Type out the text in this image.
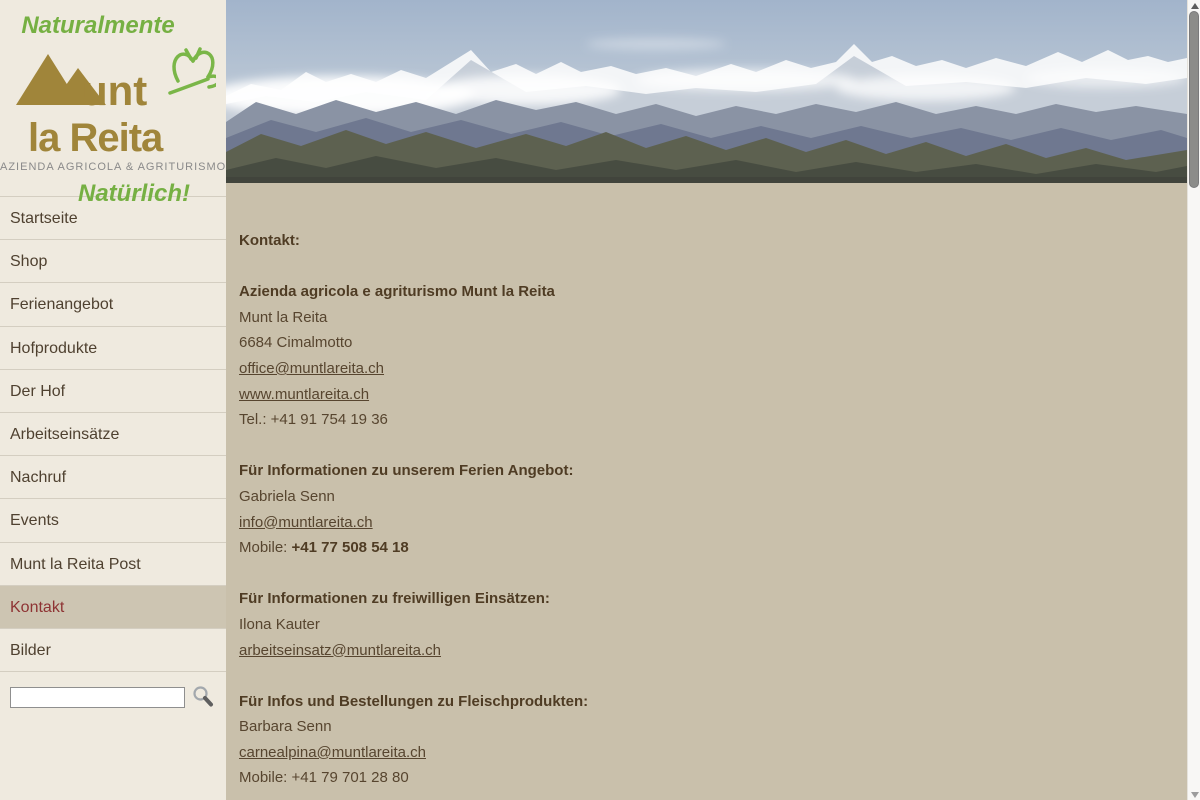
Naturalmente
unt
la Reita
AZIENDA AGRICOLA & AGRITURISMO
Natürlich!
Startseite
Shop
Ferienangebot
Hofprodukte
Der Hof
Arbeitseinsätze
Nachruf
Events
Munt la Reita Post
Kontakt
Bilder
Kontakt:
Azienda agricola e agriturismo Munt la Reita
Munt la Reita
6684 Cimalmotto
office@muntlareita.ch
www.muntlareita.ch
Tel.: +41 91 754 19 36
Für Informationen zu unserem Ferien Angebot:
Gabriela Senn
info@muntlareita.ch
Mobile: +41 77 508 54 18
Für Informationen zu freiwilligen Einsätzen:
Ilona Kauter
arbeitseinsatz@muntlareita.ch
Für Infos und Bestellungen zu Fleischprodukten:
Barbara Senn
carnealpina@muntlareita.ch
Mobile: +41 79 701 28 80
